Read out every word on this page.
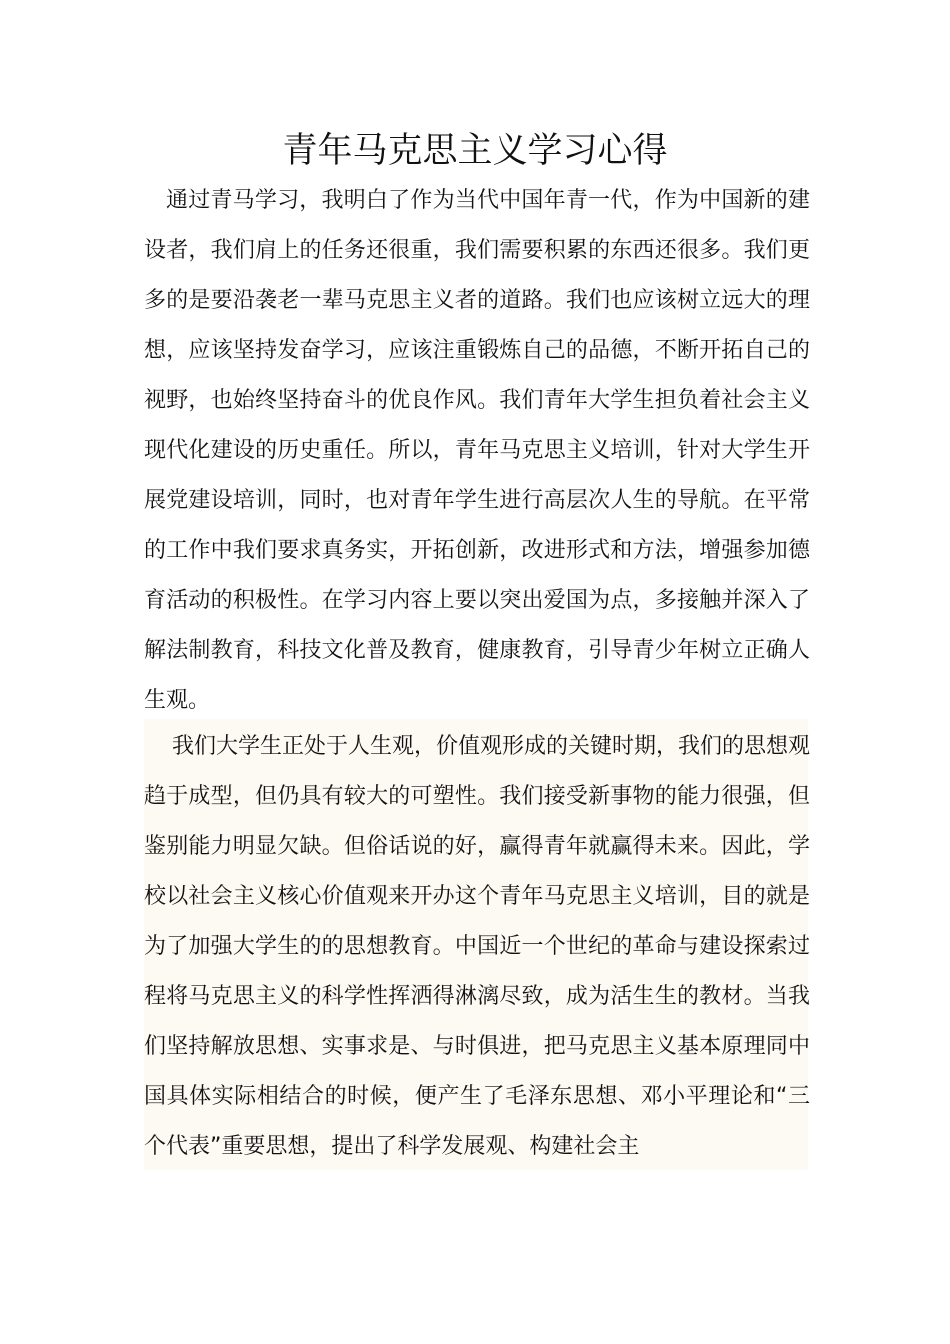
青年马克思主义学习心得

通过青马学习，我明白了作为当代中国年青一代，作为中国新的建设者，我们肩上的任务还很重，我们需要积累的东西还很多。我们更多的是要沿袭老一辈马克思主义者的道路。我们也应该树立远大的理想，应该坚持发奋学习，应该注重锻炼自己的品德，不断开拓自己的视野，也始终坚持奋斗的优良作风。我们青年大学生担负着社会主义现代化建设的历史重任。所以，青年马克思主义培训，针对大学生开展党建设培训，同时，也对青年学生进行高层次人生的导航。在平常的工作中我们要求真务实，开拓创新，改进形式和方法，增强参加德育活动的积极性。在学习内容上要以突出爱国为点，多接触并深入了解法制教育，科技文化普及教育，健康教育，引导青少年树立正确人生观。

我们大学生正处于人生观，价值观形成的关键时期，我们的思想观趋于成型，但仍具有较大的可塑性。我们接受新事物的能力很强，但鉴别能力明显欠缺。但俗话说的好，赢得青年就赢得未来。因此，学校以社会主义核心价值观来开办这个青年马克思主义培训，目的就是为了加强大学生的的思想教育。中国近一个世纪的革命与建设探索过程将马克思主义的科学性挥洒得淋漓尽致，成为活生生的教材。当我们坚持解放思想、实事求是、与时俱进，把马克思主义基本原理同中国具体实际相结合的时候，便产生了毛泽东思想、邓小平理论和“三个代表”重要思想，提出了科学发展观、构建社会主
